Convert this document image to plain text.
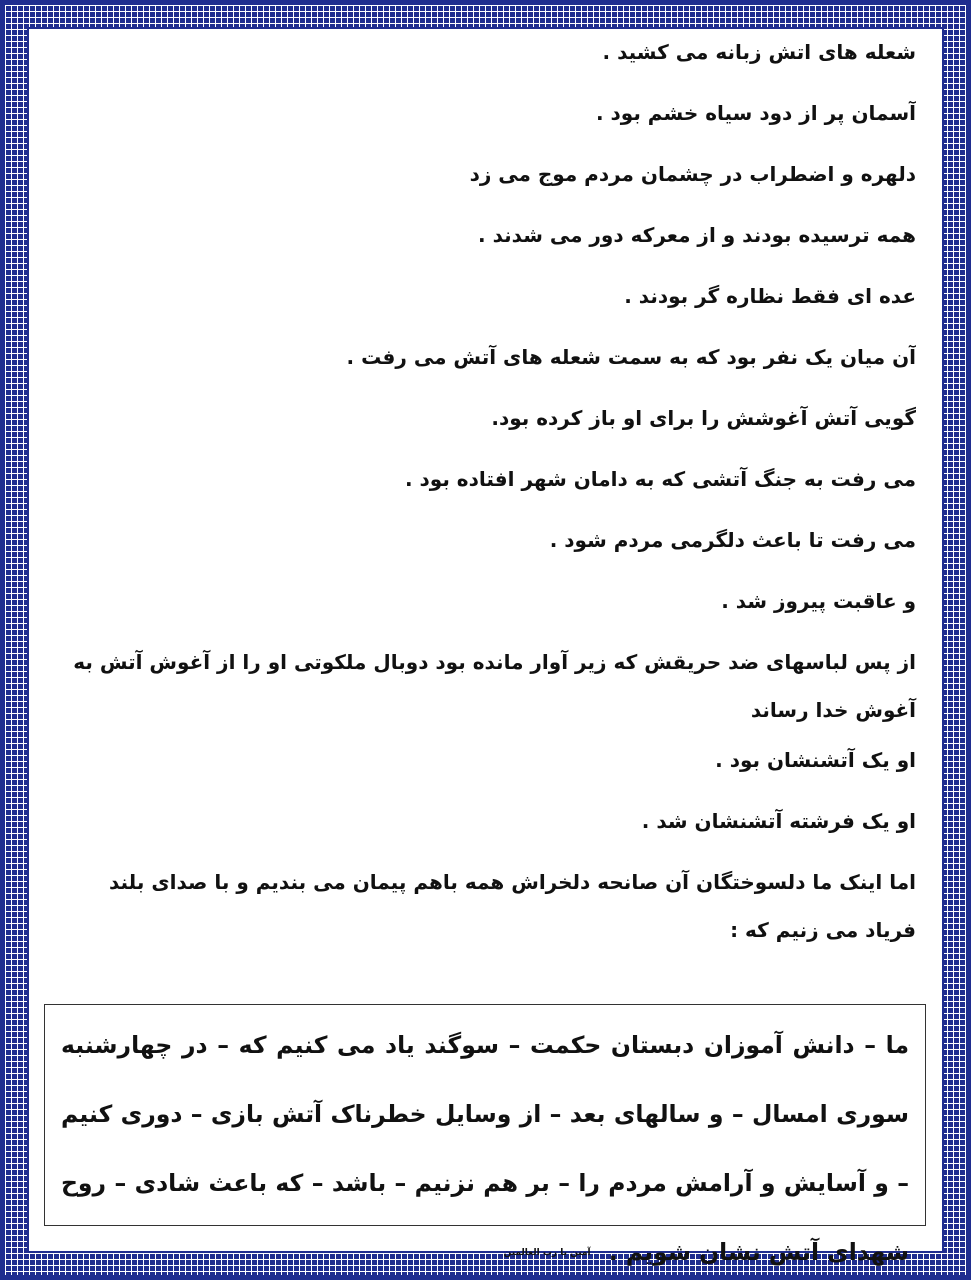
شعله های اتش زبانه می کشید .
آسمان پر از دود سیاه خشم بود .
دلهره و اضطراب در چشمان مردم موج می زد
همه ترسیده بودند و از معرکه دور می شدند .
عده ای فقط نظاره گر بودند .
آن میان یک نفر بود که به سمت شعله های آتش می رفت .
گویی آتش آغوشش را برای او باز کرده بود.
می رفت به جنگ آتشی که به دامان شهر افتاده بود .
می رفت تا باعث دلگرمی مردم شود .
و عاقبت پیروز شد .
از پس لباسهای ضد حریقش که زیر آوار مانده بود دوبال ملکوتی او را از آغوش آتش به آغوش خدا رساند
او یک آتشنشان بود .
او یک فرشته آتشنشان شد .
اما اینک ما دلسوختگان آن صانحه دلخراش همه باهم پیمان می بندیم و با صدای بلند فریاد می زنیم که :
ما – دانش آموزان دبستان حکمت – سوگند یاد می کنیم که – در چهارشنبه سوری امسال – و سالهای بعد – از وسایل خطرناک آتش بازی – دوری کنیم – و آسایش و آرامش مردم را – بر هم نزنیم – باشد – که باعث شادی – روح شهدای آتش نشان شویم . آمین یا رب العالمین
